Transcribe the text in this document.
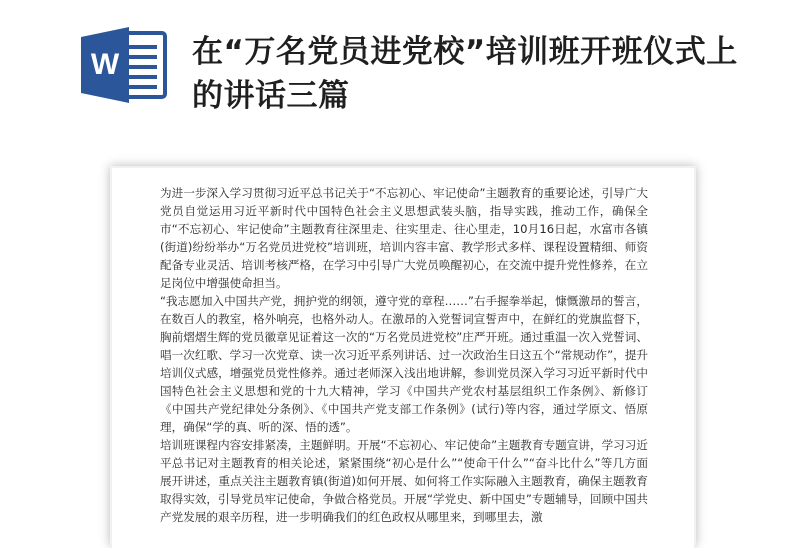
W 在“万名党员进党校”培训班开班仪式上的讲话三篇

为进一步深入学习贯彻习近平总书记关于“不忘初心、牢记使命”主题教育的重要论述，引导广大党员自觉运用习近平新时代中国特色社会主义思想武装头脑，指导实践，推动工作，确保全市“不忘初心、牢记使命”主题教育往深里走、往实里走、往心里走，10月16日起，水富市各镇(街道)纷纷举办“万名党员进党校”培训班，培训内容丰富、教学形式多样、课程设置精细、师资配备专业灵活、培训考核严格，在学习中引导广大党员唤醒初心，在交流中提升党性修养，在立足岗位中增强使命担当。

“我志愿加入中国共产党，拥护党的纲领，遵守党的章程……”右手握拳举起，慷慨激昂的誓言，在数百人的教室，格外响亮，也格外动人。在激昂的入党誓词宣誓声中，在鲜红的党旗监督下，胸前熠熠生辉的党员徽章见证着这一次的“万名党员进党校”庄严开班。通过重温一次入党誓词、唱一次红歌、学习一次党章、读一次习近平系列讲话、过一次政治生日这五个“常规动作”，提升培训仪式感，增强党员党性修养。通过老师深入浅出地讲解，参训党员深入学习习近平新时代中国特色社会主义思想和党的十九大精神，学习《中国共产党农村基层组织工作条例》、新修订《中国共产党纪律处分条例》、《中国共产党支部工作条例》(试行)等内容，通过学原文、悟原理，确保“学的真、听的深、悟的透”。

培训班课程内容安排紧凑，主题鲜明。开展“不忘初心、牢记使命”主题教育专题宣讲，学习习近平总书记对主题教育的相关论述，紧紧围绕“初心是什么”“使命干什么”“奋斗比什么”等几方面展开讲述，重点关注主题教育镇(街道)如何开展、如何将工作实际融入主题教育，确保主题教育取得实效，引导党员牢记使命，争做合格党员。开展“学党史、新中国史”专题辅导，回顾中国共产党发展的艰辛历程，进一步明确我们的红色政权从哪里来，到哪里去，激
